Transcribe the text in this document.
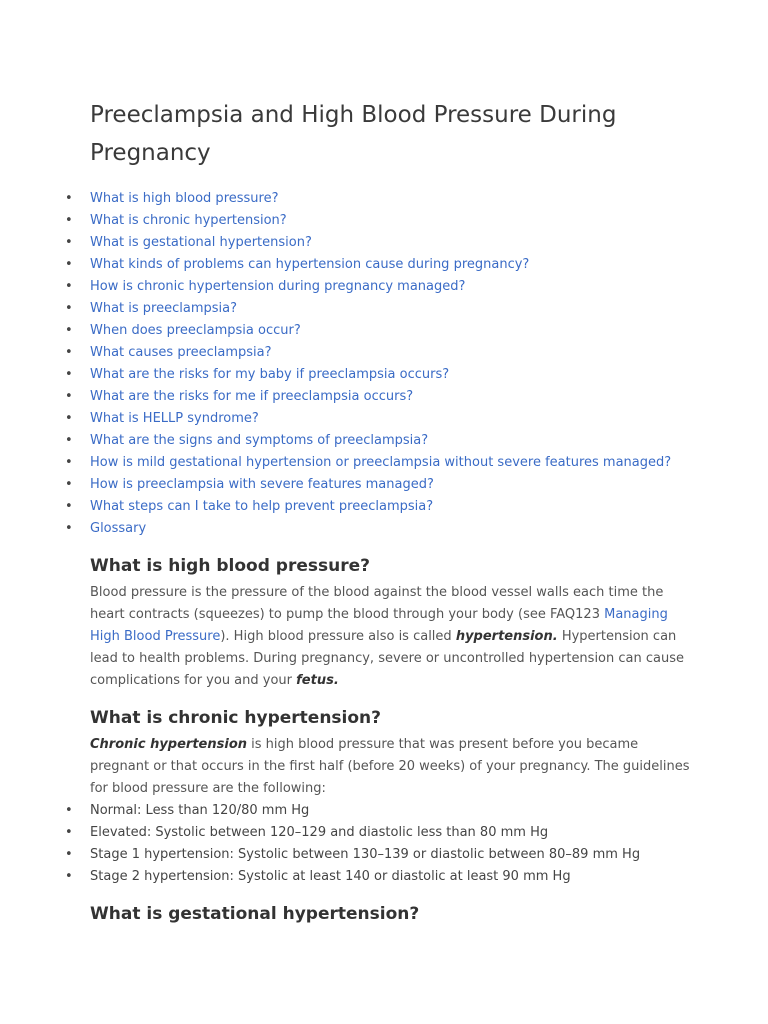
Preeclampsia and High Blood Pressure During Pregnancy
• What is high blood pressure?
• What is chronic hypertension?
• What is gestational hypertension?
• What kinds of problems can hypertension cause during pregnancy?
• How is chronic hypertension during pregnancy managed?
• What is preeclampsia?
• When does preeclampsia occur?
• What causes preeclampsia?
• What are the risks for my baby if preeclampsia occurs?
• What are the risks for me if preeclampsia occurs?
• What is HELLP syndrome?
• What are the signs and symptoms of preeclampsia?
• How is mild gestational hypertension or preeclampsia without severe features managed?
• How is preeclampsia with severe features managed?
• What steps can I take to help prevent preeclampsia?
• Glossary
What is high blood pressure?

Blood pressure is the pressure of the blood against the blood vessel walls each time the heart contracts (squeezes) to pump the blood through your body (see FAQ123 Managing High Blood Pressure). High blood pressure also is called hypertension. Hypertension can lead to health problems. During pregnancy, severe or uncontrolled hypertension can cause complications for you and your fetus.

What is chronic hypertension?

Chronic hypertension is high blood pressure that was present before you became pregnant or that occurs in the first half (before 20 weeks) of your pregnancy. The guidelines for blood pressure are the following:

• Normal: Less than 120/80 mm Hg
• Elevated: Systolic between 120–129 and diastolic less than 80 mm Hg
• Stage 1 hypertension: Systolic between 130–139 or diastolic between 80–89 mm Hg
• Stage 2 hypertension: Systolic at least 140 or diastolic at least 90 mm Hg
What is gestational hypertension?
